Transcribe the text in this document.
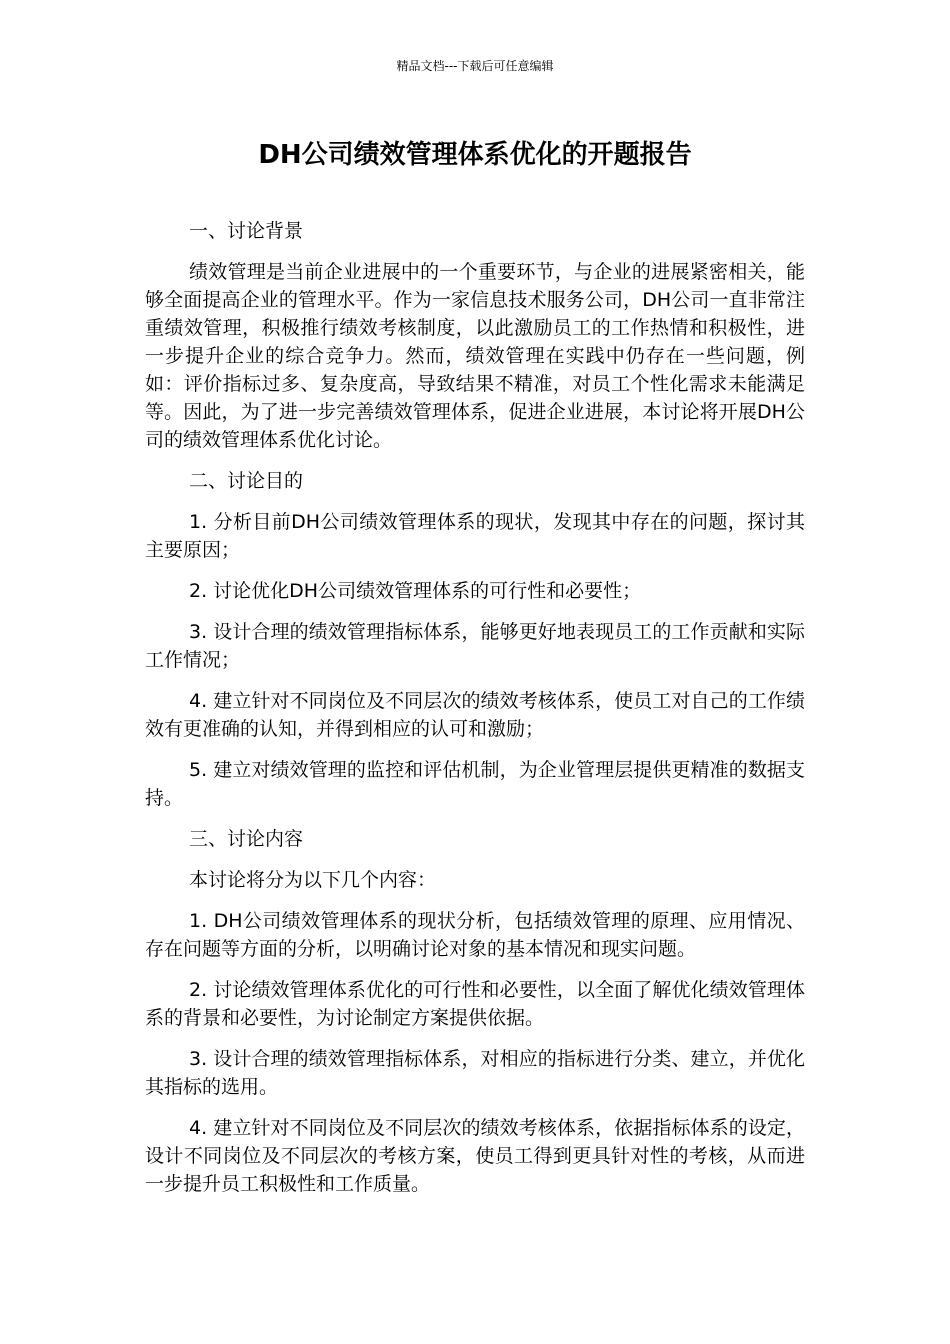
精品文档---下载后可任意编辑
DH公司绩效管理体系优化的开题报告

一、讨论背景

绩效管理是当前企业进展中的一个重要环节，与企业的进展紧密相关，能够全面提高企业的管理水平。作为一家信息技术服务公司，DH公司一直非常注重绩效管理，积极推行绩效考核制度，以此激励员工的工作热情和积极性，进一步提升企业的综合竞争力。然而，绩效管理在实践中仍存在一些问题，例如：评价指标过多、复杂度高，导致结果不精准，对员工个性化需求未能满足等。因此，为了进一步完善绩效管理体系，促进企业进展，本讨论将开展DH公司的绩效管理体系优化讨论。

二、讨论目的

1. 分析目前DH公司绩效管理体系的现状，发现其中存在的问题，探讨其主要原因；

2. 讨论优化DH公司绩效管理体系的可行性和必要性；

3. 设计合理的绩效管理指标体系，能够更好地表现员工的工作贡献和实际工作情况；

4. 建立针对不同岗位及不同层次的绩效考核体系，使员工对自己的工作绩效有更准确的认知，并得到相应的认可和激励；

5. 建立对绩效管理的监控和评估机制，为企业管理层提供更精准的数据支持。

三、讨论内容

本讨论将分为以下几个内容：

1. DH公司绩效管理体系的现状分析，包括绩效管理的原理、应用情况、存在问题等方面的分析，以明确讨论对象的基本情况和现实问题。

2. 讨论绩效管理体系优化的可行性和必要性，以全面了解优化绩效管理体系的背景和必要性，为讨论制定方案提供依据。

3. 设计合理的绩效管理指标体系，对相应的指标进行分类、建立，并优化其指标的选用。

4. 建立针对不同岗位及不同层次的绩效考核体系，依据指标体系的设定，设计不同岗位及不同层次的考核方案，使员工得到更具针对性的考核，从而进一步提升员工积极性和工作质量。
